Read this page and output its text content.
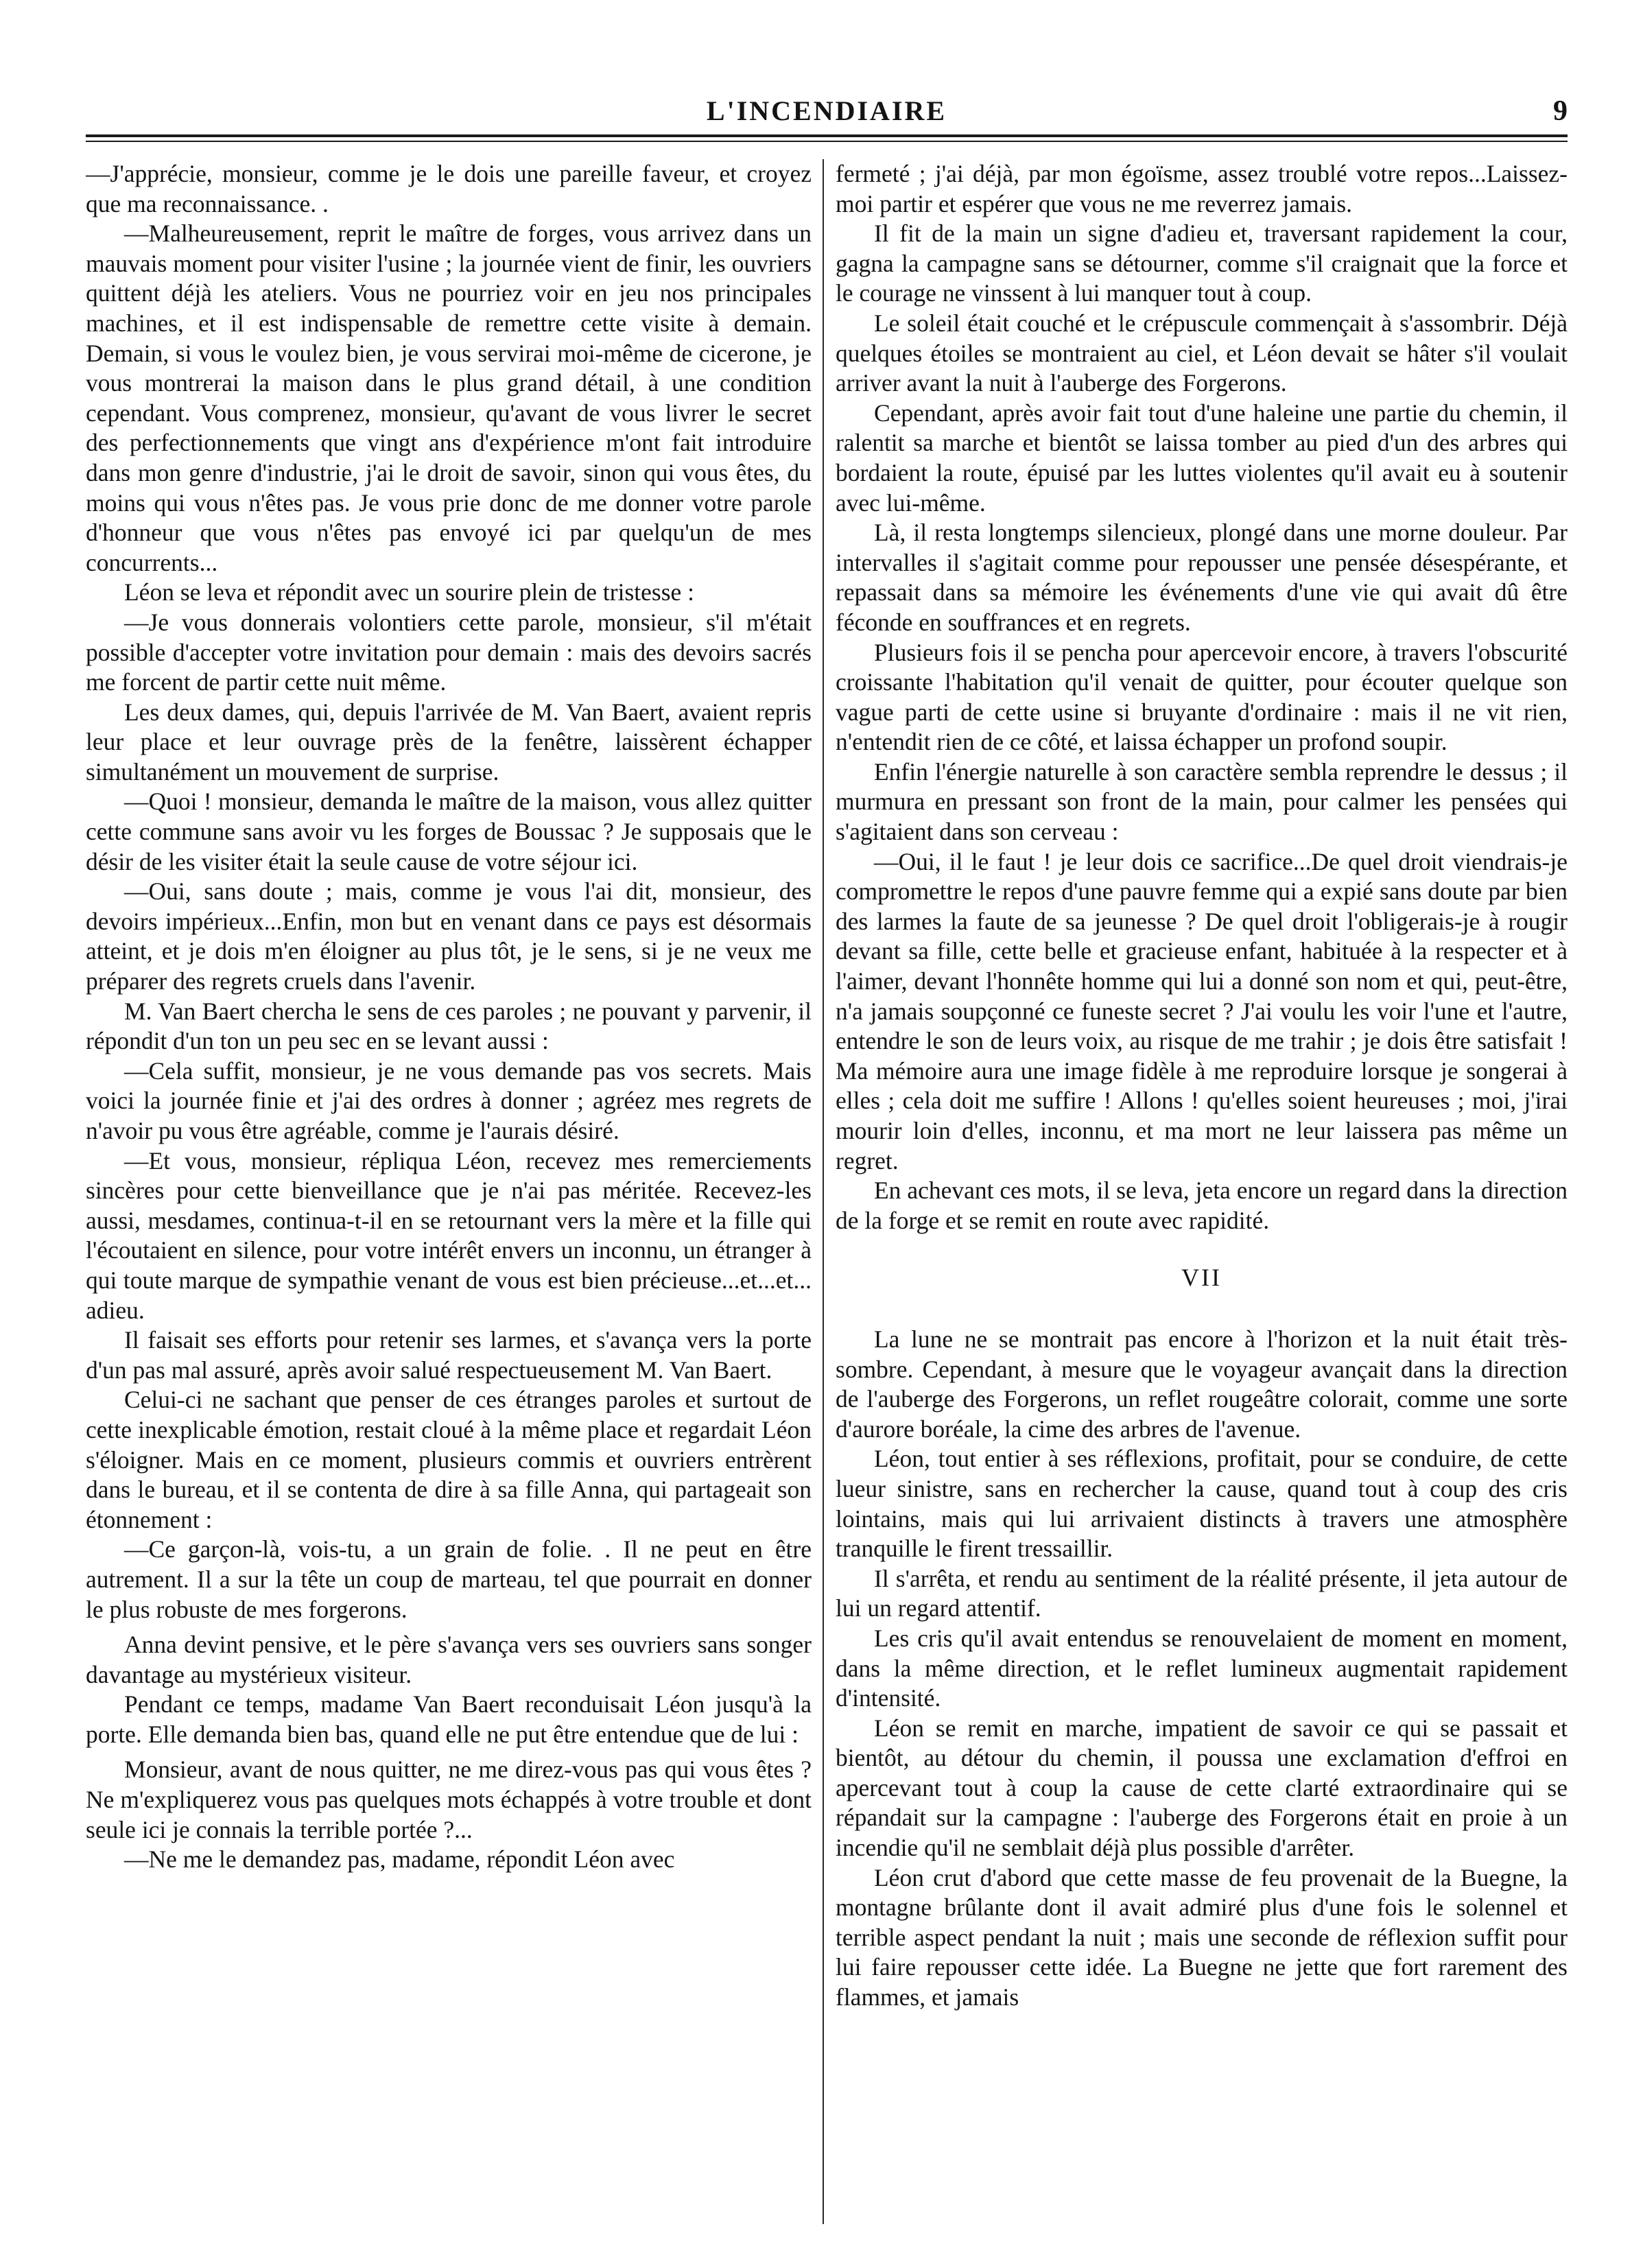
L'INCENDIAIRE	9

—J'apprécie, monsieur, comme je le dois une pareille faveur, et croyez que ma reconnaissance. .

—Malheureusement, reprit le maître de forges, vous arrivez dans un mauvais moment pour visiter l'usine ; la journée vient de finir, les ouvriers quittent déjà les ateliers. Vous ne pourriez voir en jeu nos principales machines, et il est indispensable de remettre cette visite à demain. Demain, si vous le voulez bien, je vous servirai moi-même de cicerone, je vous montrerai la maison dans le plus grand détail, à une condition cependant. Vous comprenez, monsieur, qu'avant de vous livrer le secret des perfectionnements que vingt ans d'expérience m'ont fait introduire dans mon genre d'industrie, j'ai le droit de savoir, sinon qui vous êtes, du moins qui vous n'êtes pas. Je vous prie donc de me donner votre parole d'honneur que vous n'êtes pas envoyé ici par quelqu'un de mes concurrents...

Léon se leva et répondit avec un sourire plein de tristesse :

—Je vous donnerais volontiers cette parole, monsieur, s'il m'était possible d'accepter votre invitation pour demain : mais des devoirs sacrés me forcent de partir cette nuit même.

Les deux dames, qui, depuis l'arrivée de M. Van Baert, avaient repris leur place et leur ouvrage près de la fenêtre, laissèrent échapper simultanément un mouvement de surprise.

—Quoi ! monsieur, demanda le maître de la maison, vous allez quitter cette commune sans avoir vu les forges de Boussac ? Je supposais que le désir de les visiter était la seule cause de votre séjour ici.

—Oui, sans doute ; mais, comme je vous l'ai dit, monsieur, des devoirs impérieux...Enfin, mon but en venant dans ce pays est désormais atteint, et je dois m'en éloigner au plus tôt, je le sens, si je ne veux me préparer des regrets cruels dans l'avenir.

M. Van Baert chercha le sens de ces paroles ; ne pouvant y parvenir, il répondit d'un ton un peu sec en se levant aussi :

—Cela suffit, monsieur, je ne vous demande pas vos secrets. Mais voici la journée finie et j'ai des ordres à donner ; agréez mes regrets de n'avoir pu vous être agréable, comme je l'aurais désiré.

—Et vous, monsieur, répliqua Léon, recevez mes remerciements sincères pour cette bienveillance que je n'ai pas méritée. Recevez-les aussi, mesdames, continua-t-il en se retournant vers la mère et la fille qui l'écoutaient en silence, pour votre intérêt envers un inconnu, un étranger à qui toute marque de sympathie venant de vous est bien précieuse...et...et... adieu.

Il faisait ses efforts pour retenir ses larmes, et s'avança vers la porte d'un pas mal assuré, après avoir salué respectueusement M. Van Baert.

Celui-ci ne sachant que penser de ces étranges paroles et surtout de cette inexplicable émotion, restait cloué à la même place et regardait Léon s'éloigner. Mais en ce moment, plusieurs commis et ouvriers entrèrent dans le bureau, et il se contenta de dire à sa fille Anna, qui partageait son étonnement :

—Ce garçon-là, vois-tu, a un grain de folie. . Il ne peut en être autrement. Il a sur la tête un coup de marteau, tel que pourrait en donner le plus robuste de mes forgerons.

Anna devint pensive, et le père s'avança vers ses ouvriers sans songer davantage au mystérieux visiteur.

Pendant ce temps, madame Van Baert reconduisait Léon jusqu'à la porte. Elle demanda bien bas, quand elle ne put être entendue que de lui :

Monsieur, avant de nous quitter, ne me direz-vous pas qui vous êtes ? Ne m'expliquerez vous pas quelques mots échappés à votre trouble et dont seule ici je connais la terrible portée ?...

—Ne me le demandez pas, madame, répondit Léon avec

fermeté ; j'ai déjà, par mon égoïsme, assez troublé votre repos...Laissez-moi partir et espérer que vous ne me reverrez jamais.

Il fit de la main un signe d'adieu et, traversant rapidement la cour, gagna la campagne sans se détourner, comme s'il craignait que la force et le courage ne vinssent à lui manquer tout à coup.

Le soleil était couché et le crépuscule commençait à s'assombrir. Déjà quelques étoiles se montraient au ciel, et Léon devait se hâter s'il voulait arriver avant la nuit à l'auberge des Forgerons.

Cependant, après avoir fait tout d'une haleine une partie du chemin, il ralentit sa marche et bientôt se laissa tomber au pied d'un des arbres qui bordaient la route, épuisé par les luttes violentes qu'il avait eu à soutenir avec lui-même.

Là, il resta longtemps silencieux, plongé dans une morne douleur. Par intervalles il s'agitait comme pour repousser une pensée désespérante, et repassait dans sa mémoire les événements d'une vie qui avait dû être féconde en souffrances et en regrets.

Plusieurs fois il se pencha pour apercevoir encore, à travers l'obscurité croissante l'habitation qu'il venait de quitter, pour écouter quelque son vague parti de cette usine si bruyante d'ordinaire : mais il ne vit rien, n'entendit rien de ce côté, et laissa échapper un profond soupir.

Enfin l'énergie naturelle à son caractère sembla reprendre le dessus ; il murmura en pressant son front de la main, pour calmer les pensées qui s'agitaient dans son cerveau :

—Oui, il le faut ! je leur dois ce sacrifice...De quel droit viendrais-je compromettre le repos d'une pauvre femme qui a expié sans doute par bien des larmes la faute de sa jeunesse ? De quel droit l'obligerais-je à rougir devant sa fille, cette belle et gracieuse enfant, habituée à la respecter et à l'aimer, devant l'honnête homme qui lui a donné son nom et qui, peut-être, n'a jamais soupçonné ce funeste secret ? J'ai voulu les voir l'une et l'autre, entendre le son de leurs voix, au risque de me trahir ; je dois être satisfait ! Ma mémoire aura une image fidèle à me reproduire lorsque je songerai à elles ; cela doit me suffire ! Allons ! qu'elles soient heureuses ; moi, j'irai mourir loin d'elles, inconnu, et ma mort ne leur laissera pas même un regret.

En achevant ces mots, il se leva, jeta encore un regard dans la direction de la forge et se remit en route avec rapidité.

VII

La lune ne se montrait pas encore à l'horizon et la nuit était très-sombre. Cependant, à mesure que le voyageur avançait dans la direction de l'auberge des Forgerons, un reflet rougeâtre colorait, comme une sorte d'aurore boréale, la cime des arbres de l'avenue.

Léon, tout entier à ses réflexions, profitait, pour se conduire, de cette lueur sinistre, sans en rechercher la cause, quand tout à coup des cris lointains, mais qui lui arrivaient distincts à travers une atmosphère tranquille le firent tressaillir.

Il s'arrêta, et rendu au sentiment de la réalité présente, il jeta autour de lui un regard attentif.

Les cris qu'il avait entendus se renouvelaient de moment en moment, dans la même direction, et le reflet lumineux augmentait rapidement d'intensité.

Léon se remit en marche, impatient de savoir ce qui se passait et bientôt, au détour du chemin, il poussa une exclamation d'effroi en apercevant tout à coup la cause de cette clarté extraordinaire qui se répandait sur la campagne : l'auberge des Forgerons était en proie à un incendie qu'il ne semblait déjà plus possible d'arrêter.

Léon crut d'abord que cette masse de feu provenait de la Buegne, la montagne brûlante dont il avait admiré plus d'une fois le solennel et terrible aspect pendant la nuit ; mais une seconde de réflexion suffit pour lui faire repousser cette idée. La Buegne ne jette que fort rarement des flammes, et jamais
